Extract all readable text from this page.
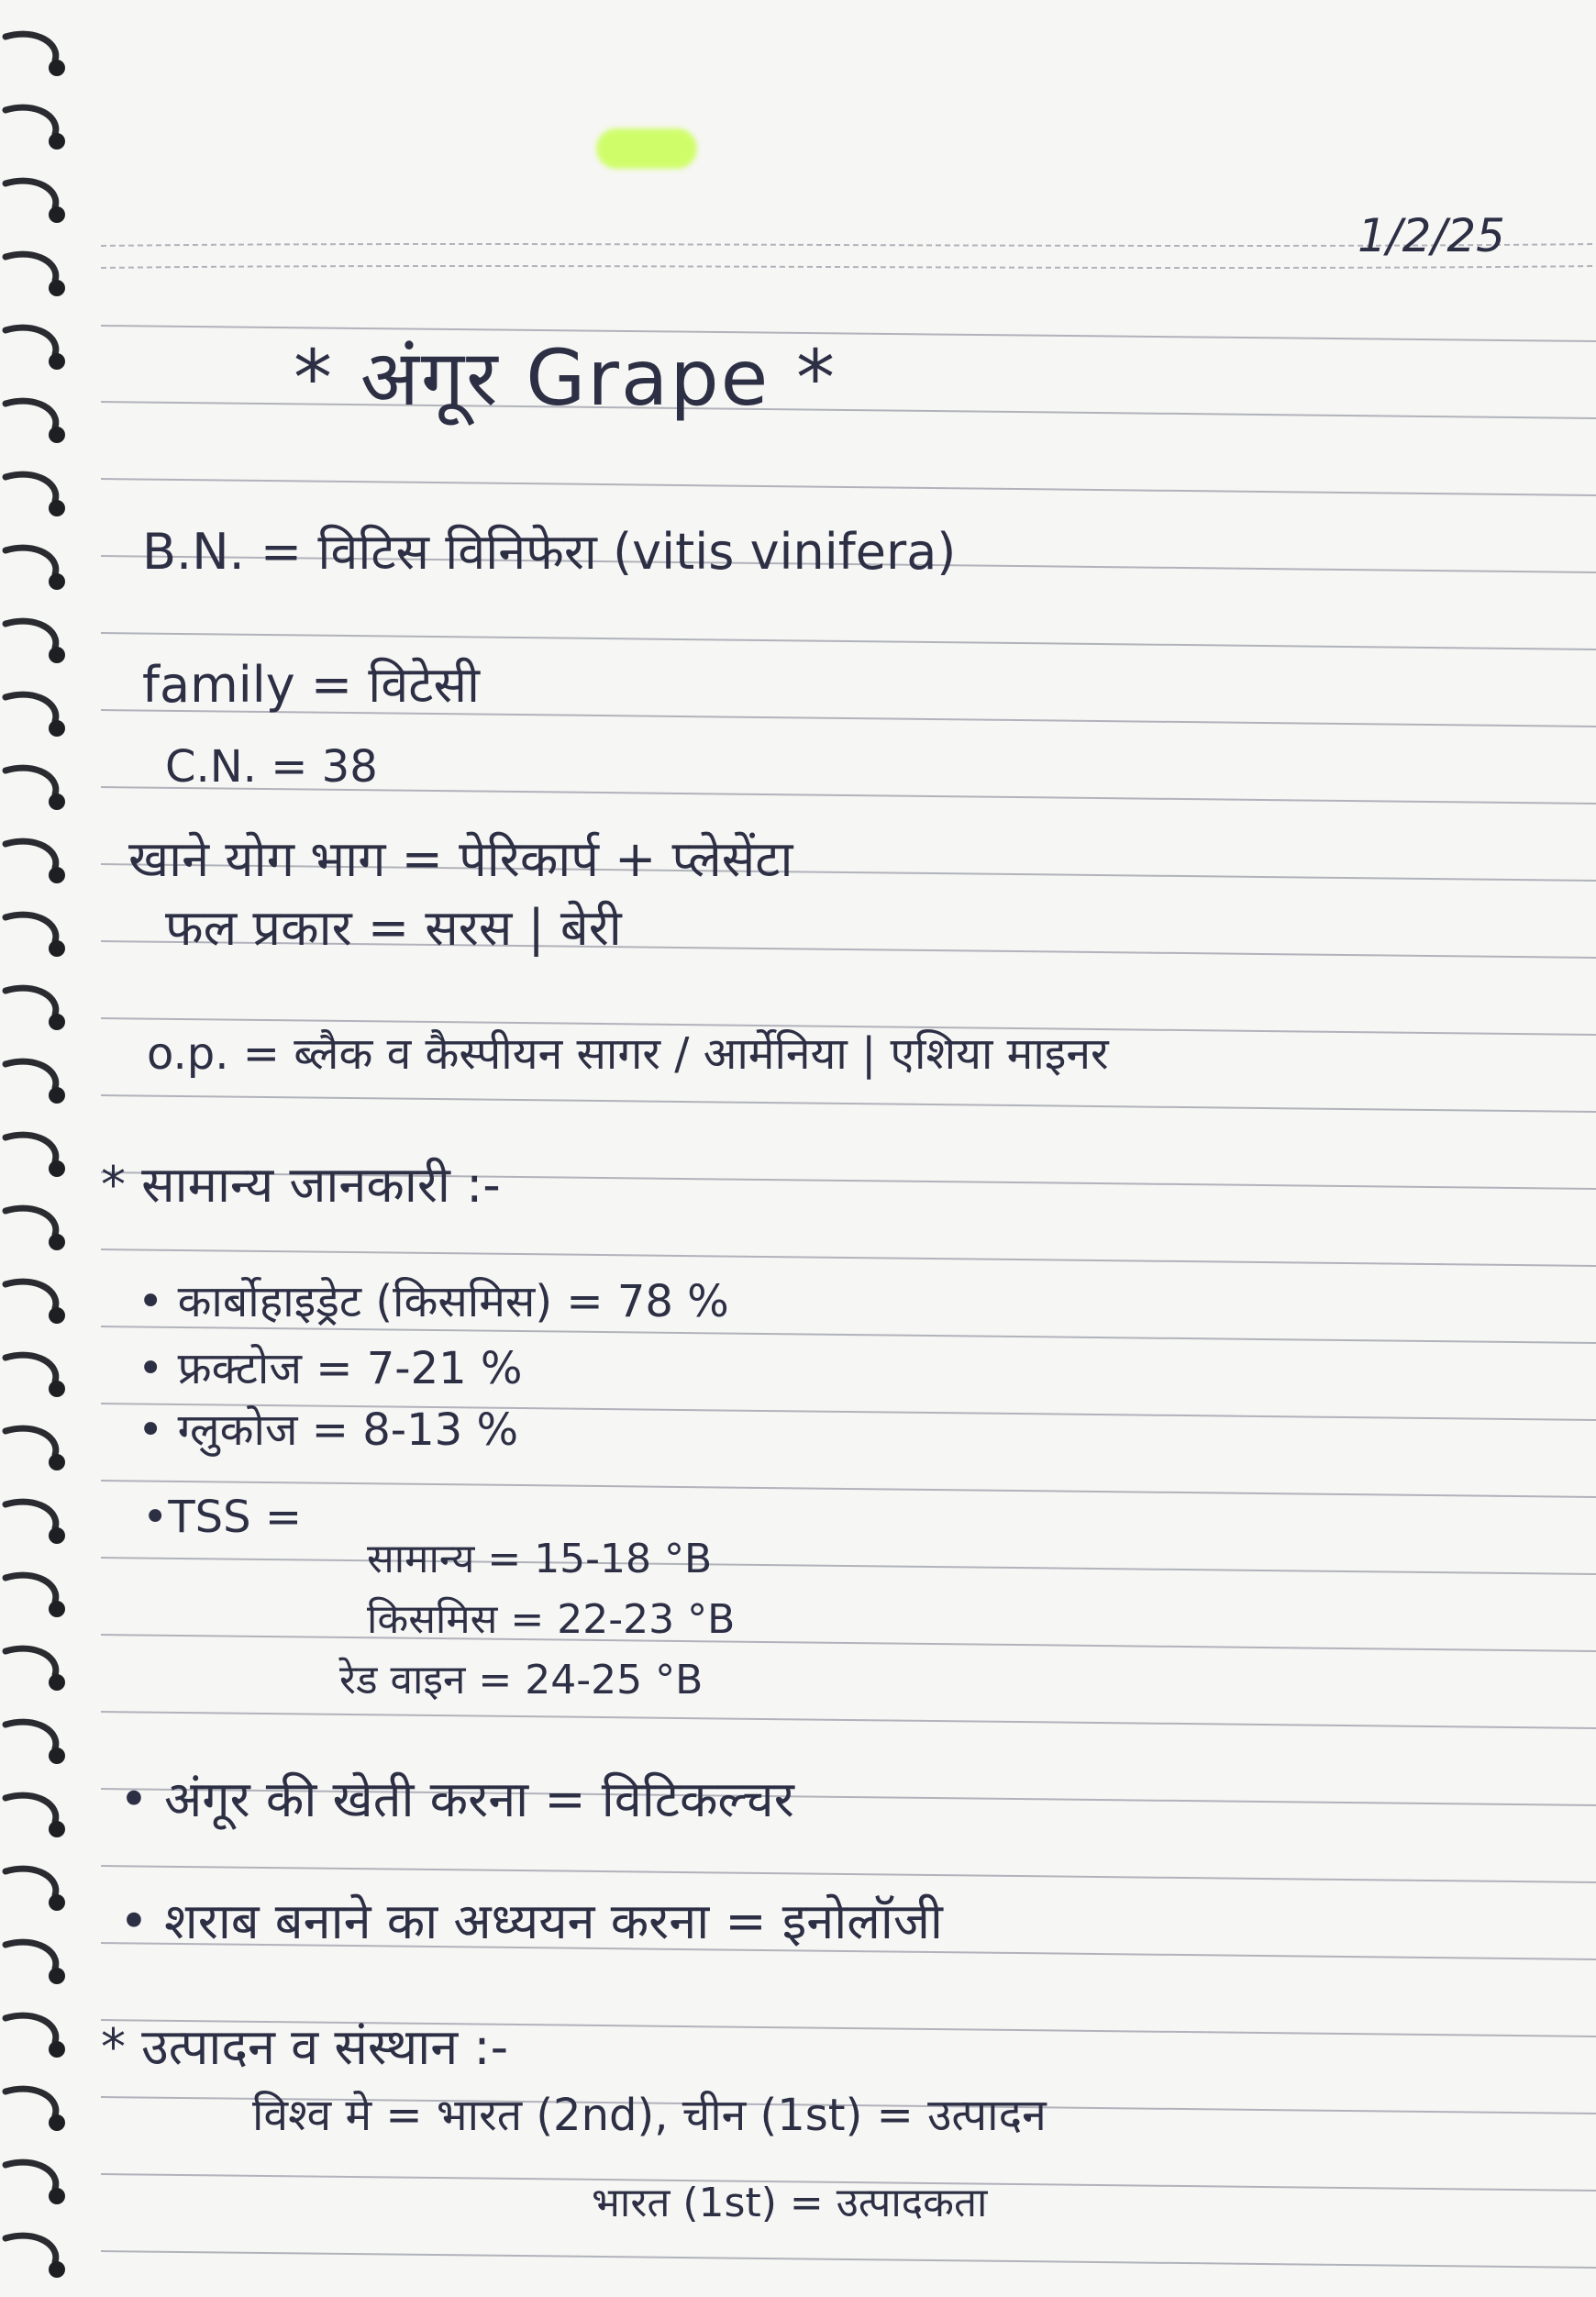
1/2/25
* अंगूर Grape *
B.N. = विटिस विनिफेरा (vitis vinifera)
family = विटेसी
C.N. = 38
खाने योग भाग = पेरिकार्प + प्लेसेंटा
फल प्रकार = सरस | बेरी
o.p. = ब्लैक व कैस्पीयन सागर / आर्मेनिया | एशिया माइनर
* सामान्य जानकारी :-
• कार्बोहाइड्रेट (किसमिस) = 78 %
• फ्रक्टोज = 7-21 %
• ग्लुकोज = 8-13 %
•TSS =
सामान्य = 15-18 °B
किसमिस = 22-23 °B
रेड वाइन = 24-25 °B
• अंगूर की खेती करना = विटिकल्चर
• शराब बनाने का अध्ययन करना = इनोलॉजी
* उत्पादन व संस्थान :-
विश्व मे = भारत (2nd), चीन (1st) = उत्पादन
भारत (1st) = उत्पादकता
